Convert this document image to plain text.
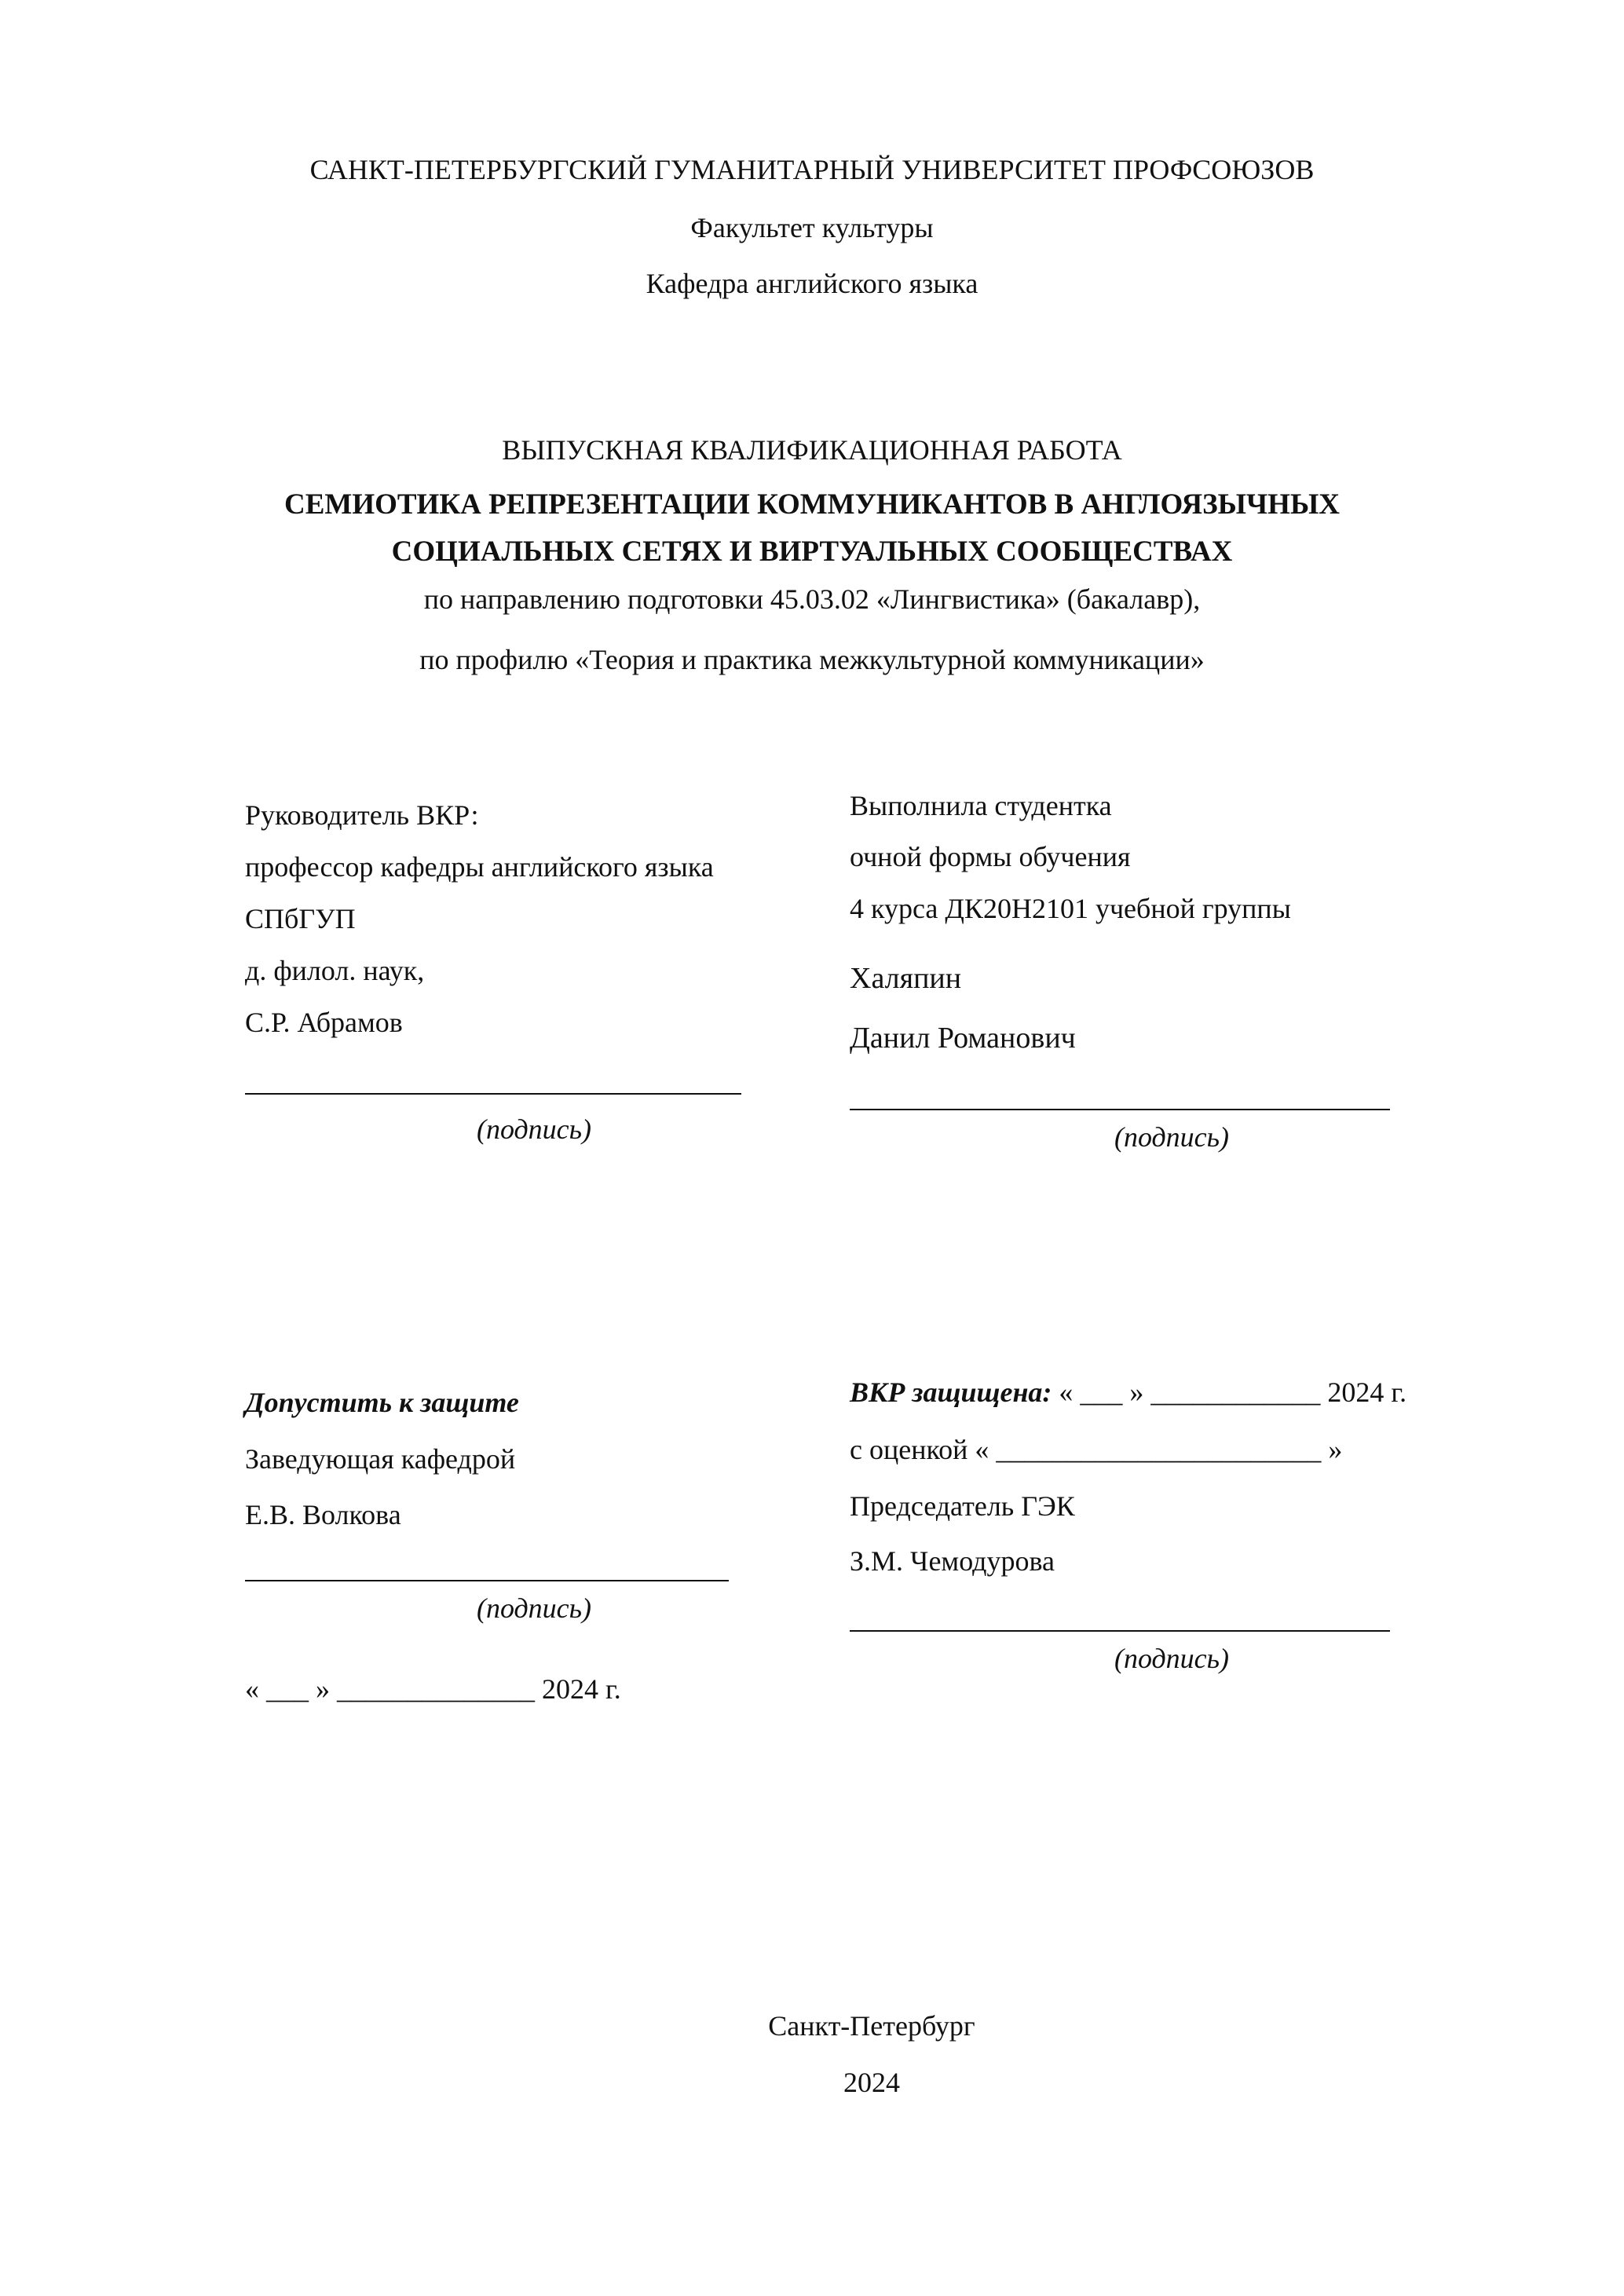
САНКТ-ПЕТЕРБУРГСКИЙ ГУМАНИТАРНЫЙ УНИВЕРСИТЕТ ПРОФСОЮЗОВ
Факультет культуры
Кафедра английского языка
ВЫПУСКНАЯ КВАЛИФИКАЦИОННАЯ РАБОТА
СЕМИОТИКА РЕПРЕЗЕНТАЦИИ КОММУНИКАНТОВ В АНГЛОЯЗЫЧНЫХ
СОЦИАЛЬНЫХ СЕТЯХ И ВИРТУАЛЬНЫХ СООБЩЕСТВАХ
по направлению подготовки 45.03.02 «Лингвистика» (бакалавр),
по профилю «Теория и практика межкультурной коммуникации»
Руководитель ВКР:
профессор кафедры английского языка
СПбГУП
д. филол. наук,
С.Р. Абрамов
(подпись)
Выполнила студентка
очной формы обучения
4 курса ДК20Н2101 учебной группы
Халяпин
Данил Романович
(подпись)
Допустить к защите
Заведующая кафедрой
Е.В. Волкова
(подпись)
« ___ » ______________ 2024 г.
ВКР защищена: « ___ » ____________ 2024 г.
с оценкой « _______________________ »
Председатель ГЭК
З.М. Чемодурова
(подпись)
Санкт-Петербург
2024
